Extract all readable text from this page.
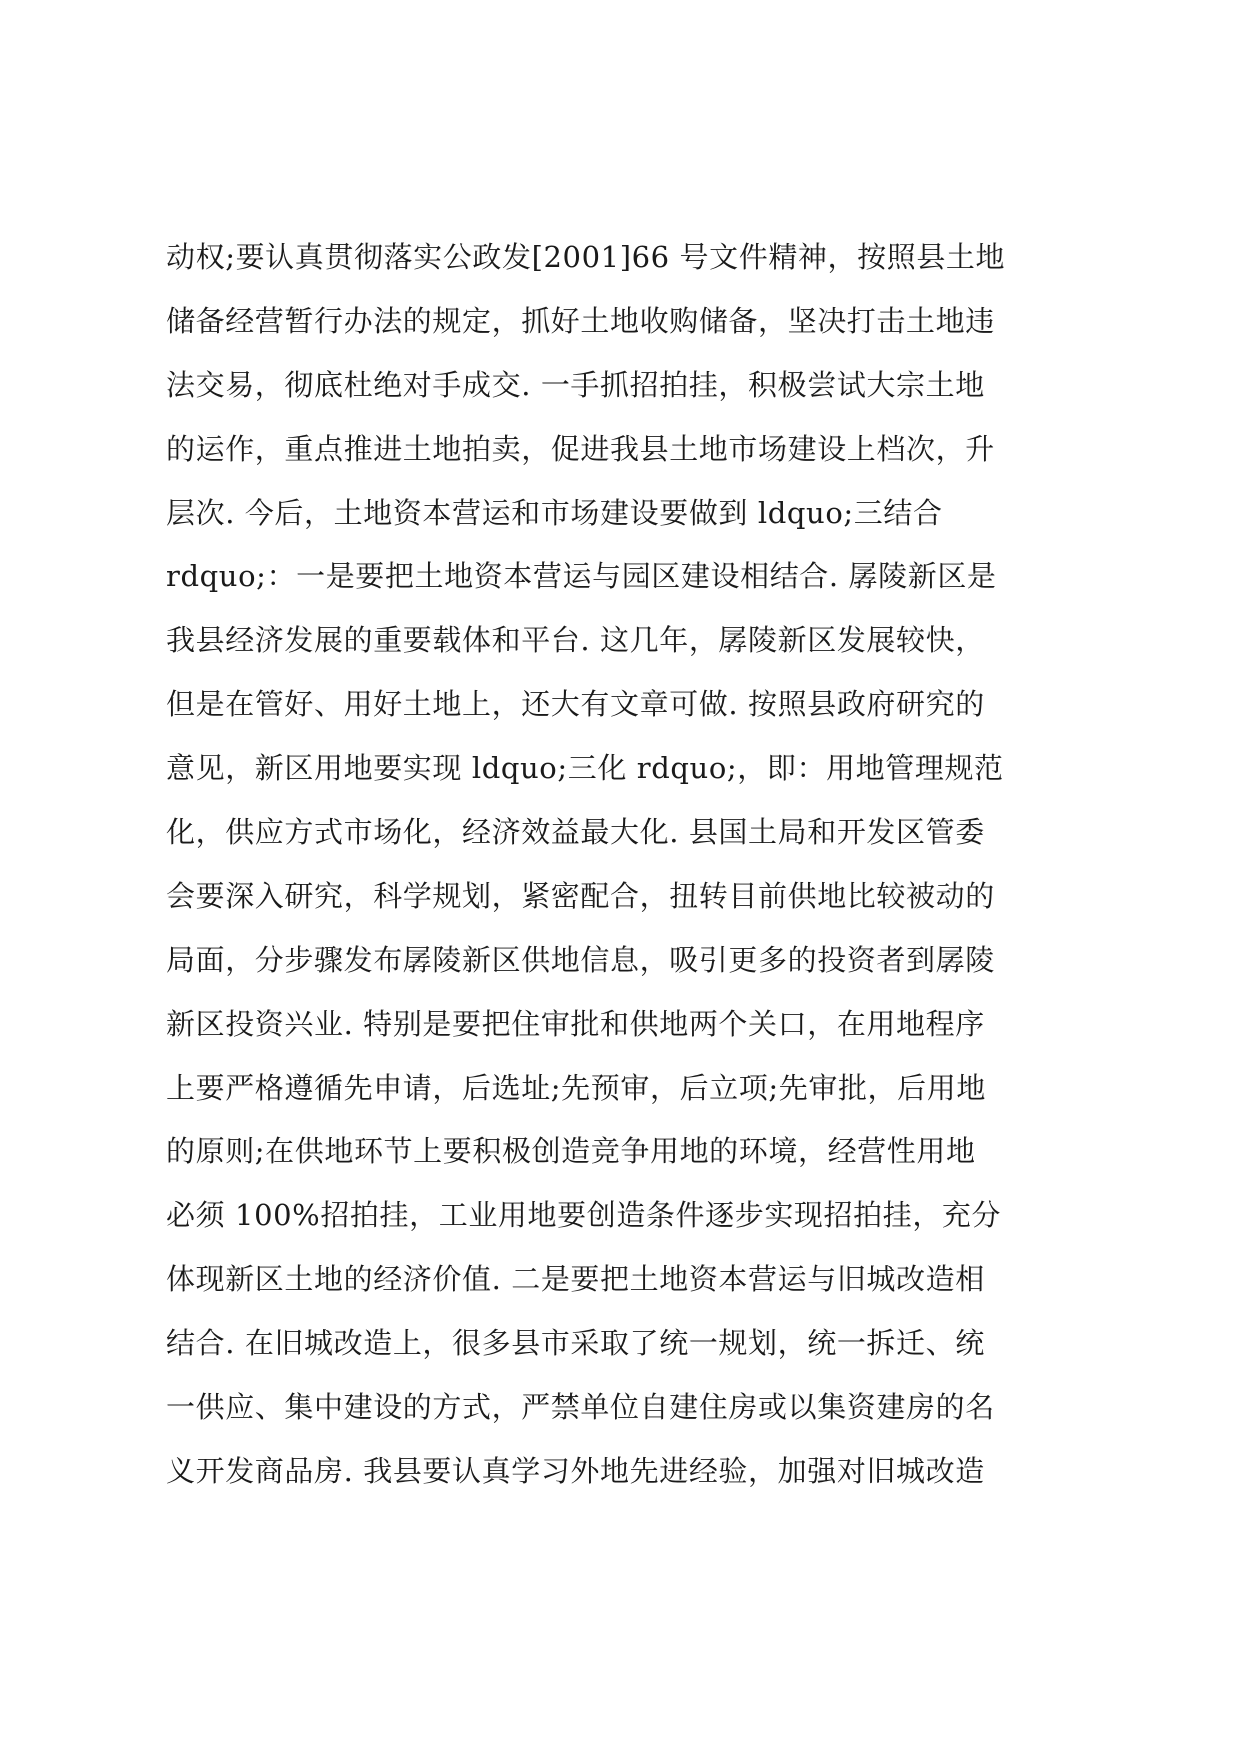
动权;要认真贯彻落实公政发[2001]66 号文件精神，按照县土地
储备经营暂行办法的规定，抓好土地收购储备，坚决打击土地违
法交易，彻底杜绝对手成交. 一手抓招拍挂，积极尝试大宗土地
的运作，重点推进土地拍卖，促进我县土地市场建设上档次，升
层次. 今后，土地资本营运和市场建设要做到 ldquo;三结合
rdquo;：一是要把土地资本营运与园区建设相结合. 孱陵新区是
我县经济发展的重要载体和平台. 这几年，孱陵新区发展较快，
但是在管好、用好土地上，还大有文章可做. 按照县政府研究的
意见，新区用地要实现 ldquo;三化 rdquo;，即：用地管理规范
化，供应方式市场化，经济效益最大化. 县国土局和开发区管委
会要深入研究，科学规划，紧密配合，扭转目前供地比较被动的
局面，分步骤发布孱陵新区供地信息，吸引更多的投资者到孱陵
新区投资兴业. 特别是要把住审批和供地两个关口，在用地程序
上要严格遵循先申请，后选址;先预审，后立项;先审批，后用地
的原则;在供地环节上要积极创造竞争用地的环境，经营性用地
必须 100%招拍挂，工业用地要创造条件逐步实现招拍挂，充分
体现新区土地的经济价值. 二是要把土地资本营运与旧城改造相
结合. 在旧城改造上，很多县市采取了统一规划，统一拆迁、统
一供应、集中建设的方式，严禁单位自建住房或以集资建房的名
义开发商品房. 我县要认真学习外地先进经验，加强对旧城改造
